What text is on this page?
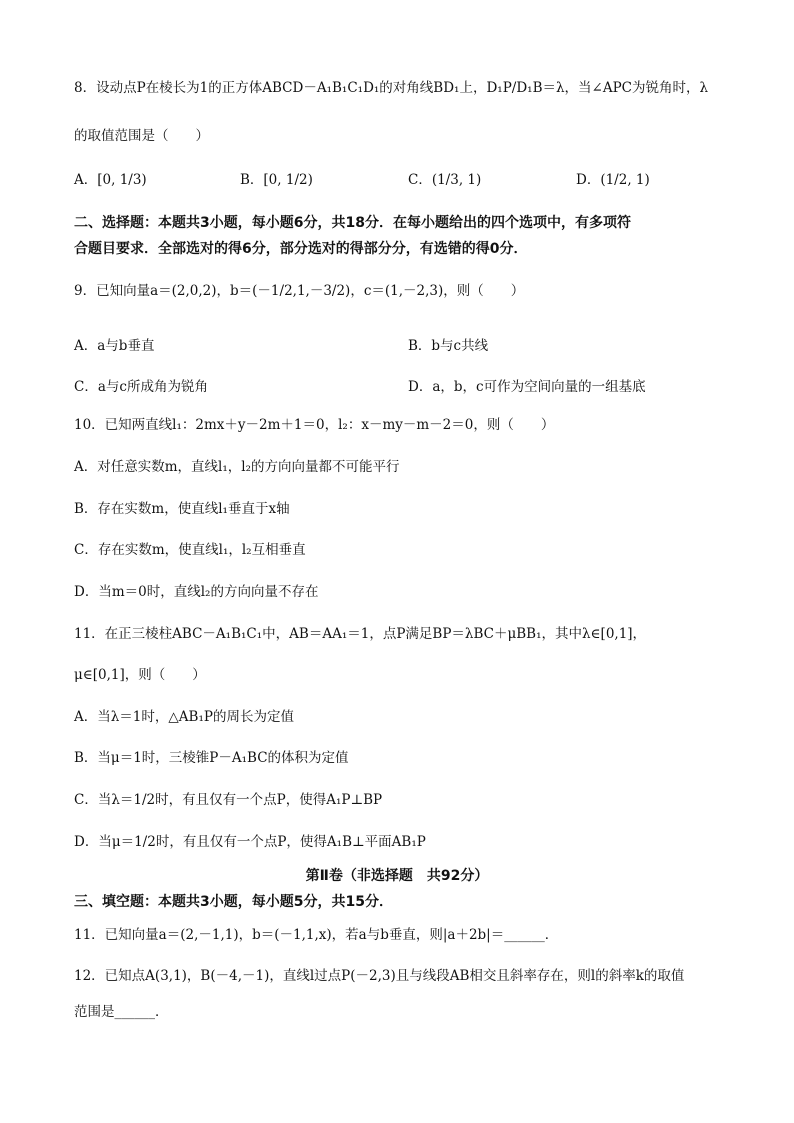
8．设动点P在棱长为1的正方体ABCD－A₁B₁C₁D₁的对角线BD₁上，D₁P/D₁B＝λ，当∠APC为锐角时，λ
的取值范围是（　　）
A．[0, 1/3)	B．[0, 1/2)	C．(1/3, 1)	D．(1/2, 1)
二、选择题：本题共3小题，每小题6分，共18分．在每小题给出的四个选项中，有多项符
合题目要求．全部选对的得6分，部分选对的得部分分，有选错的得0分．
9．已知向量a＝(2,0,2)，b＝(－1/2,1,－3/2)，c＝(1,－2,3)，则（　　）
A．a与b垂直	B．b与c共线
C．a与c所成角为锐角	D．a，b，c可作为空间向量的一组基底
10．已知两直线l₁：2mx＋y－2m＋1＝0，l₂：x－my－m－2＝0，则（　　）
A．对任意实数m，直线l₁，l₂的方向向量都不可能平行
B．存在实数m，使直线l₁垂直于x轴
C．存在实数m，使直线l₁，l₂互相垂直
D．当m＝0时，直线l₂的方向向量不存在
11．在正三棱柱ABC－A₁B₁C₁中，AB＝AA₁＝1，点P满足BP＝λBC＋μBB₁，其中λ∈[0,1]，
μ∈[0,1]，则（　　）
A．当λ＝1时，△AB₁P的周长为定值
B．当μ＝1时，三棱锥P－A₁BC的体积为定值
C．当λ＝1/2时，有且仅有一个点P，使得A₁P⊥BP
D．当μ＝1/2时，有且仅有一个点P，使得A₁B⊥平面AB₁P
第Ⅱ卷（非选择题　共92分）
三、填空题：本题共3小题，每小题5分，共15分．
11．已知向量a＝(2,－1,1)，b＝(－1,1,x)，若a与b垂直，则|a＋2b|＝______．
12．已知点A(3,1)，B(－4,－1)，直线l过点P(－2,3)且与线段AB相交且斜率存在，则l的斜率k的取值
范围是______．
